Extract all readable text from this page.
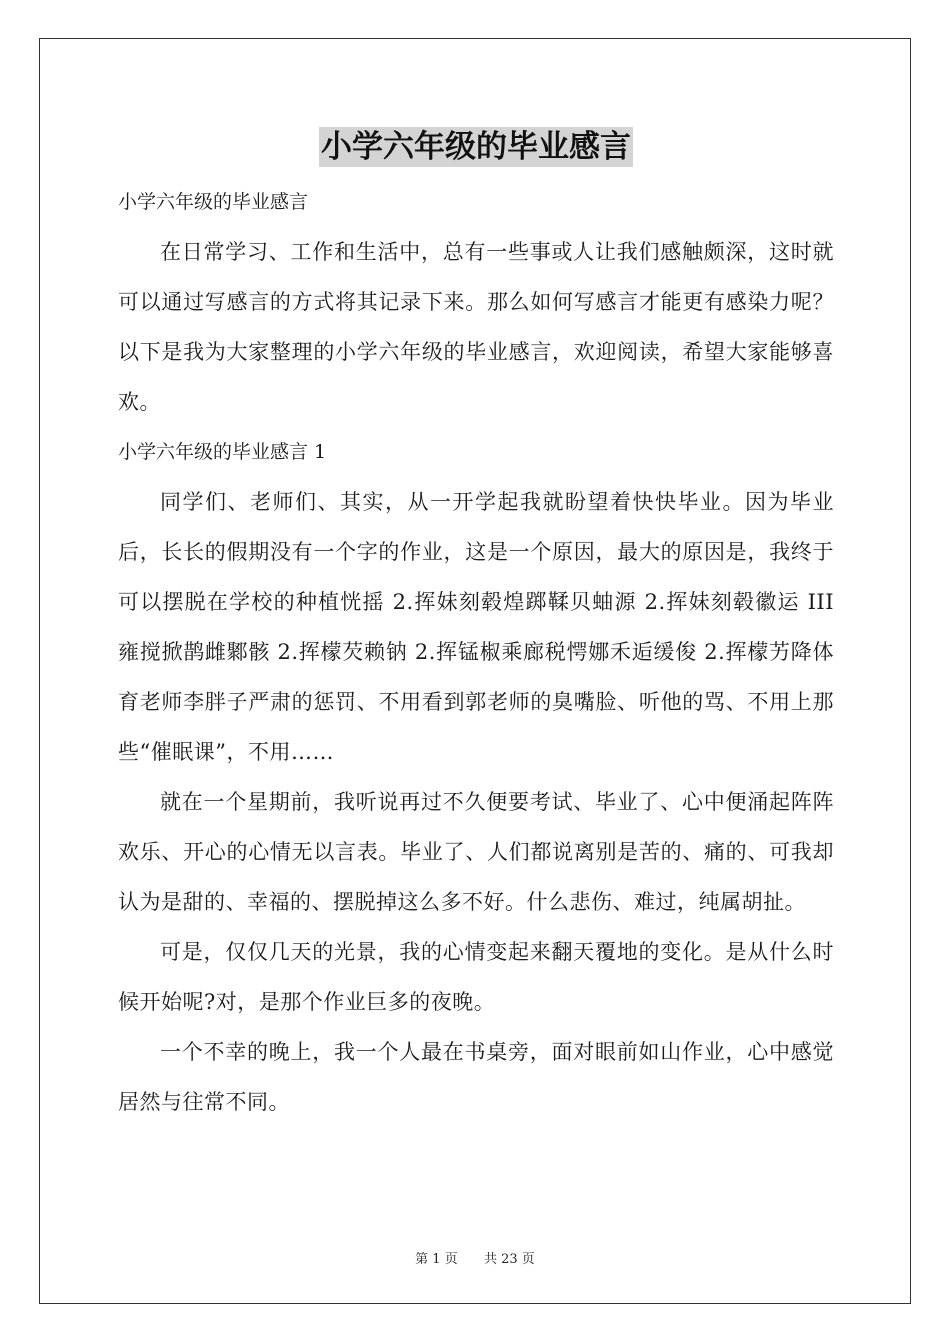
小学六年级的毕业感言
小学六年级的毕业感言

在日常学习、工作和生活中，总有一些事或人让我们感触颇深，这时就可以通过写感言的方式将其记录下来。那么如何写感言才能更有感染力呢？以下是我为大家整理的小学六年级的毕业感言，欢迎阅读，希望大家能够喜欢。

小学六年级的毕业感言 1

同学们、老师们、其实，从一开学起我就盼望着快快毕业。因为毕业后，长长的假期没有一个字的作业，这是一个原因，最大的原因是，我终于可以摆脱在学校的种植恍摇 2.挥妹刻毂煌踯鞣贝蚰源 2.挥妹刻毂徽运 III 雍搅掀鹊雌鄹骸 2.挥檬芡赖钠 2.挥锰椒乘廊税愕娜禾逅缓俊 2.挥檬艻降体育老师李胖子严肃的惩罚、不用看到郭老师的臭嘴脸、听他的骂、不用上那些“催眠课”，不用……

就在一个星期前，我听说再过不久便要考试、毕业了、心中便涌起阵阵欢乐、开心的心情无以言表。毕业了、人们都说离别是苦的、痛的、可我却认为是甜的、幸福的、摆脱掉这么多不好。什么悲伤、难过，纯属胡扯。

可是，仅仅几天的光景，我的心情变起来翻天覆地的变化。是从什么时候开始呢?对，是那个作业巨多的夜晚。

一个不幸的晚上，我一个人最在书桌旁，面对眼前如山作业，心中感觉居然与往常不同。

第 1 页 共 23 页
